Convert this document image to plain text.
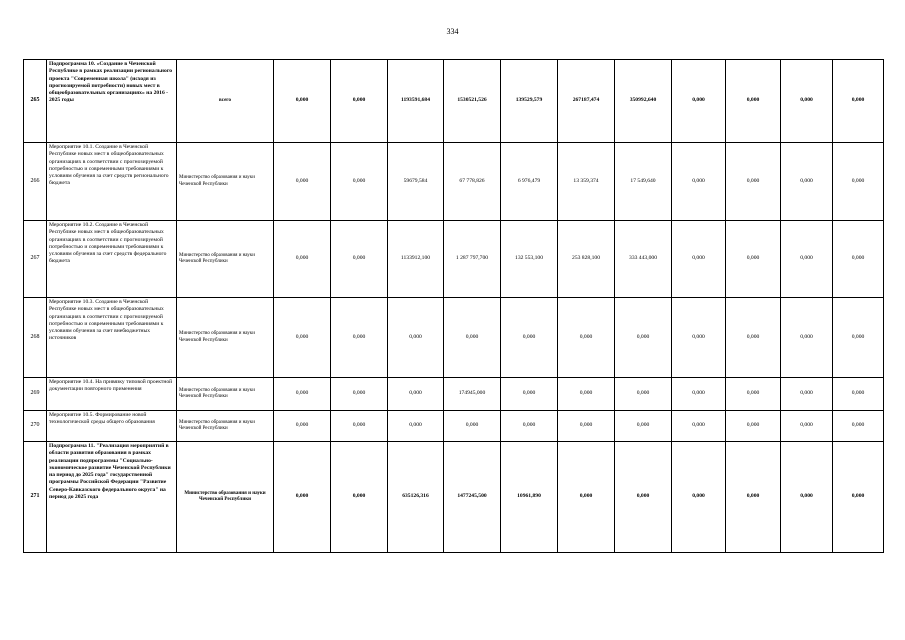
334
265	Подпрограмма 10. «Создание в Чеченской Республике в рамках реализации регионального проекта "Современная школа" (исходя из прогнозируемой потребности) новых мест в общеобразовательных организациях» на 2016 - 2025 годы	всего	0,000	0,000	1193591,684	1530521,526	139529,579	267187,474	350992,640	0,000	0,000	0,000	0,000
266	Мероприятие 10.1. Создание в Чеченской Республике новых мест в общеобразовательных организациях в соответствии с прогнозируемой потребностью и современными требованиями к условиям обучения за счет средств регионального бюджета	Министерство образования и науки Чеченской Республики	0,000	0,000	59679,584	67 778,826	6 976,479	13 359,374	17 549,640	0,000	0,000	0,000	0,000
267	Мероприятие 10.2. Создание в Чеченской Республике новых мест в общеобразовательных организациях в соответствии с прогнозируемой потребностью и современными требованиями к условиям обучения за счет средств федерального бюджета	Министерство образования и науки Чеченской Республики	0,000	0,000	1133912,100	1 287 797,700	132 553,100	253 828,100	333 443,000	0,000	0,000	0,000	0,000
268	Мероприятие 10.3. Создание в Чеченской Республике новых мест в общеобразовательных организациях в соответствии с прогнозируемой потребностью и современными требованиями к условиям обучения за счет внебюджетных источников	Министерство образования и науки Чеченской Республики	0,000	0,000	0,000	0,000	0,000	0,000	0,000	0,000	0,000	0,000	0,000
269	Мероприятие 10.4. На привязку типовой проектной документации повторного применения	Министерство образования и науки Чеченской Республики	0,000	0,000	0,000	174945,000	0,000	0,000	0,000	0,000	0,000	0,000	0,000
270	Мероприятие 10.5. Формирование новой технологической среды общего образования	Министерство образования и науки Чеченской Республики	0,000	0,000	0,000	0,000	0,000	0,000	0,000	0,000	0,000	0,000	0,000
271	Подпрограмма 11. "Реализация мероприятий в области развития образования в рамках реализации подпрограммы "Социально-экономическое развитие Чеченской Республики на период до 2025 года" государственной программы Российской Федерации "Развитие Северо-Кавказского федерального округа" на период до 2025 года	Министерство образования и науки Чеченской Республики	0,000	0,000	635126,316	1477245,500	10961,890	0,000	0,000	0,000	0,000	0,000	0,000
